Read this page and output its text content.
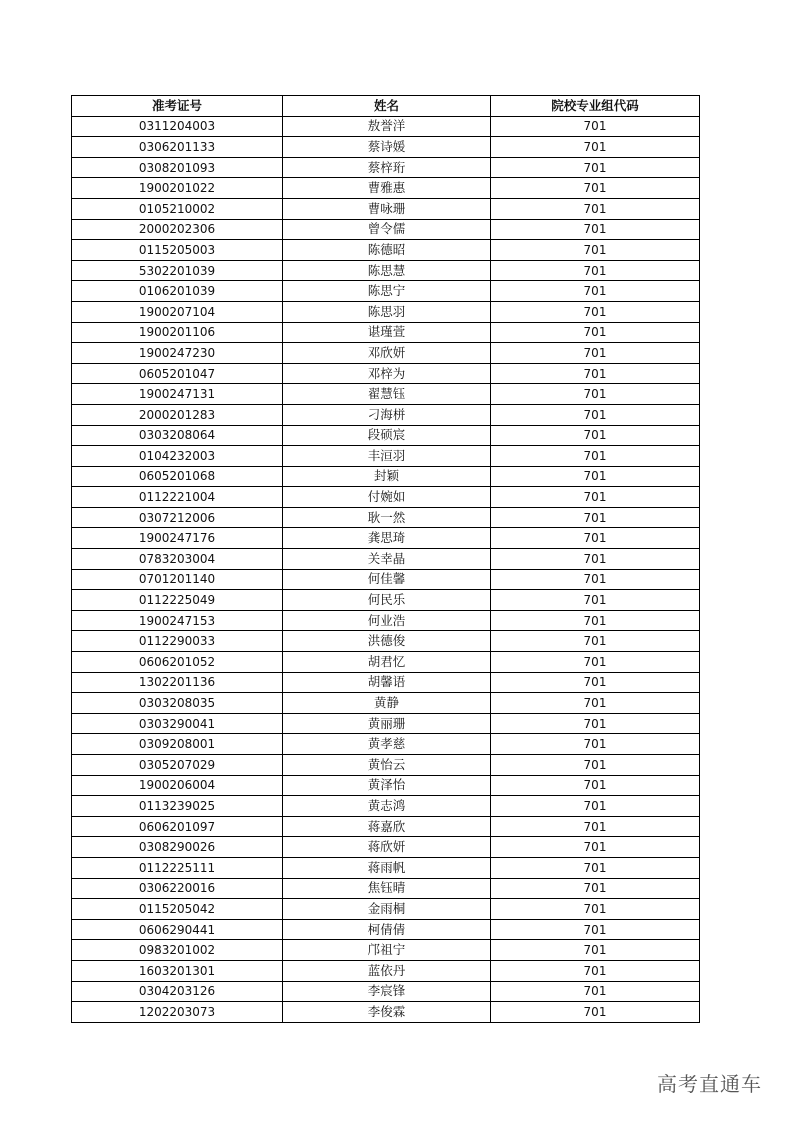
准考证号	姓名	院校专业组代码
0311204003	敖誉洋	701
0306201133	蔡诗媛	701
0308201093	蔡梓珩	701
1900201022	曹雅惠	701
0105210002	曹咏珊	701
2000202306	曾令儒	701
0115205003	陈德昭	701
5302201039	陈思慧	701
0106201039	陈思宁	701
1900207104	陈思羽	701
1900201106	谌瑾萱	701
1900247230	邓欣妍	701
0605201047	邓梓为	701
1900247131	翟慧钰	701
2000201283	刁海栟	701
0303208064	段硕宸	701
0104232003	丰洹羽	701
0605201068	封颖	701
0112221004	付婉如	701
0307212006	耿一然	701
1900247176	龚思琦	701
0783203004	关幸晶	701
0701201140	何佳馨	701
0112225049	何民乐	701
1900247153	何业浩	701
0112290033	洪德俊	701
0606201052	胡君忆	701
1302201136	胡馨语	701
0303208035	黄静	701
0303290041	黄丽珊	701
0309208001	黄孝慈	701
0305207029	黄怡云	701
1900206004	黄泽怡	701
0113239025	黄志鸿	701
0606201097	蒋嘉欣	701
0308290026	蒋欣妍	701
0112225111	蒋雨帆	701
0306220016	焦钰晴	701
0115205042	金雨桐	701
0606290441	柯倩倩	701
0983201002	邝祖宁	701
1603201301	蓝依丹	701
0304203126	李宸锋	701
1202203073	李俊霖	701
高考直通车
